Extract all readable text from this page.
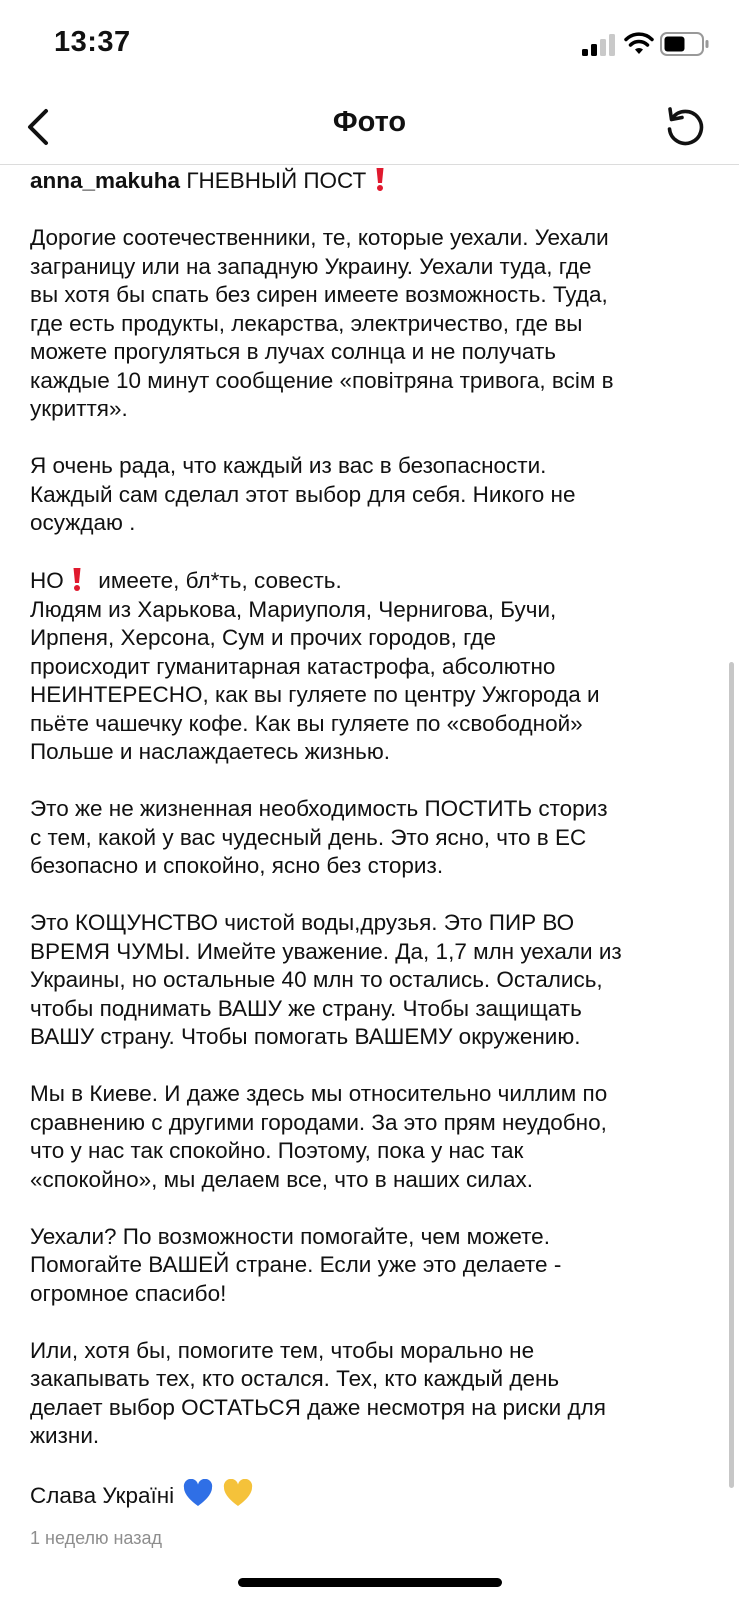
13:37
Фото

anna_makuha ГНЕВНЫЙ ПОСТ

Дорогие соотечественники, те, которые уехали. Уехали

заграницу или на западную Украину. Уехали туда, где

вы хотя бы спать без сирен имеете возможность. Туда,

где есть продукты, лекарства, электричество, где вы

можете прогуляться в лучах солнца и не получать

каждые 10 минут сообщение «повітряна тривога, всім в

укриття».

Я очень рада, что каждый из вас в безопасности.

Каждый сам сделал этот выбор для себя. Никого не

осуждаю .

НО имеете, бл*ть, совесть.

Людям из Харькова, Мариуполя, Чернигова, Бучи,

Ирпеня, Херсона, Сум и прочих городов, где

происходит гуманитарная катастрофа, абсолютно

НЕИНТЕРЕСНО, как вы гуляете по центру Ужгорода и

пьёте чашечку кофе. Как вы гуляете по «свободной»

Польше и наслаждаетесь жизнью.

Это же не жизненная необходимость ПОСТИТЬ сториз

с тем, какой у вас чудесный день. Это ясно, что в ЕС

безопасно и спокойно, ясно без сториз.

Это КОЩУНСТВО чистой воды,друзья. Это ПИР ВО

ВРЕМЯ ЧУМЫ. Имейте уважение. Да, 1,7 млн уехали из

Украины, но остальные 40 млн то остались. Остались,

чтобы поднимать ВАШУ же страну. Чтобы защищать

ВАШУ страну. Чтобы помогать ВАШЕМУ окружению.

Мы в Киеве. И даже здесь мы относительно чиллим по

сравнению с другими городами. За это прям неудобно,

что у нас так спокойно. Поэтому, пока у нас так

«спокойно», мы делаем все, что в наших силах.

Уехали? По возможности помогайте, чем можете.

Помогайте ВАШЕЙ стране. Если уже это делаете -

огромное спасибо!

Или, хотя бы, помогите тем, чтобы морально не

закапывать тех, кто остался. Тех, кто каждый день

делает выбор ОСТАТЬСЯ даже несмотря на риски для

жизни.

Слава Україні

1 неделю назад
